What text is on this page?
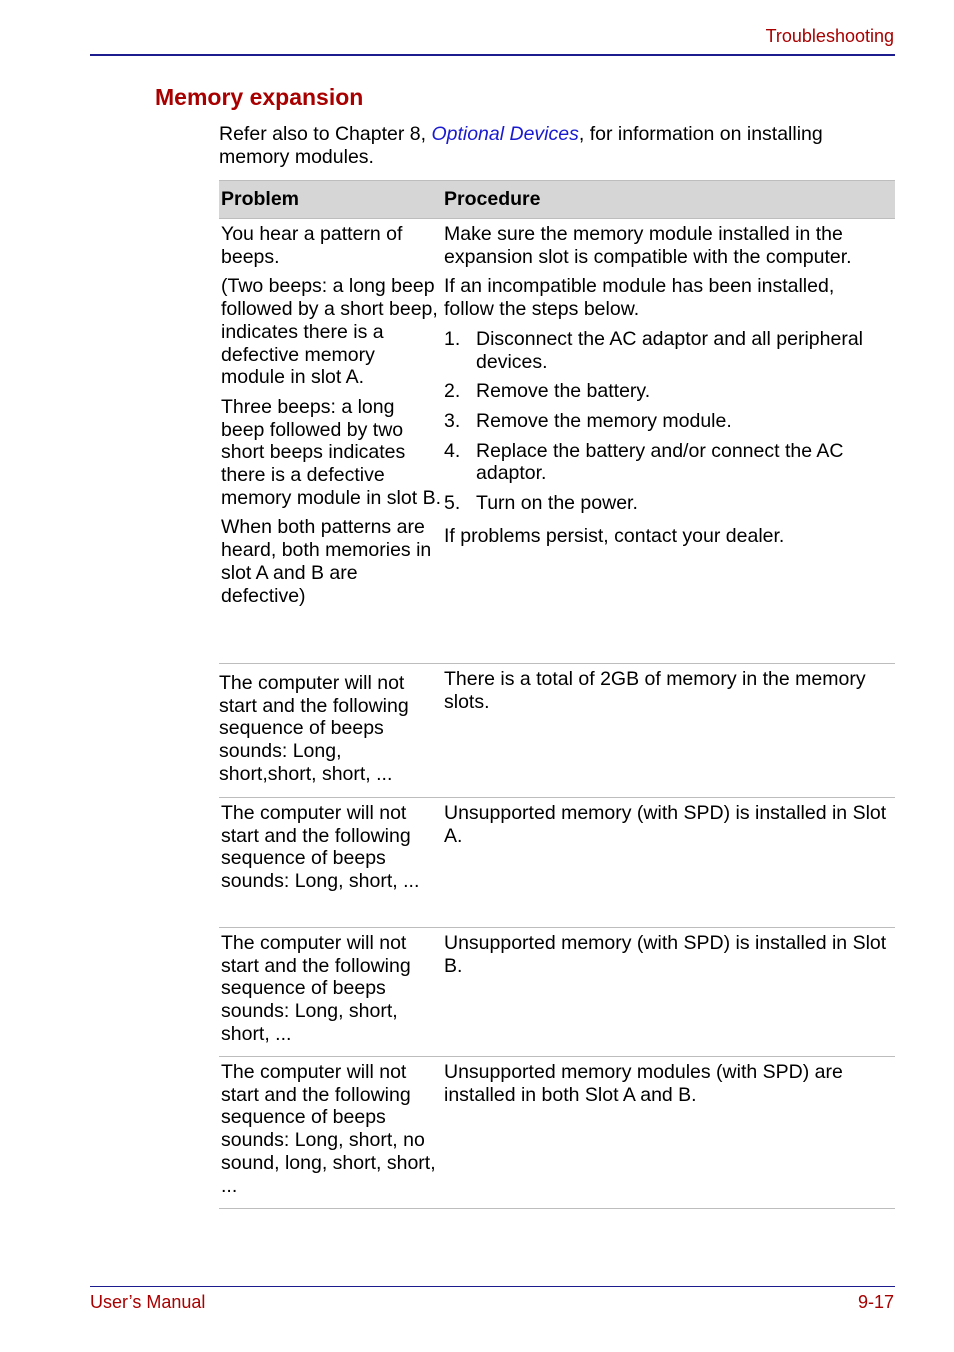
Troubleshooting
Memory expansion
Refer also to Chapter 8, Optional Devices, for information on installing memory modules.
Problem	Procedure

You hear a pattern of beeps.

(Two beeps: a long beep followed by a short beep, indicates there is a defective memory module in slot A.

Three beeps: a long beep followed by two short beeps indicates there is a defective memory module in slot B.

When both patterns are heard, both memories in slot A and B are defective)

Make sure the memory module installed in the expansion slot is compatible with the computer.

If an incompatible module has been installed, follow the steps below.

1. Disconnect the AC adaptor and all peripheral devices.
2. Remove the battery.
3. Remove the memory module.
4. Replace the battery and/or connect the AC adaptor.
5. Turn on the power.

If problems persist, contact your dealer.

The computer will not start and the following sequence of beeps sounds: Long, short,short, short, ...

There is a total of 2GB of memory in the memory slots.

The computer will not start and the following sequence of beeps sounds: Long, short, ...

Unsupported memory (with SPD) is installed in Slot A.

The computer will not start and the following sequence of beeps sounds: Long, short, short, ...

Unsupported memory (with SPD) is installed in Slot B.

The computer will not start and the following sequence of beeps sounds: Long, short, no sound, long, short, short, ...

Unsupported memory modules (with SPD) are installed in both Slot A and B.

User’s Manual	9-17
